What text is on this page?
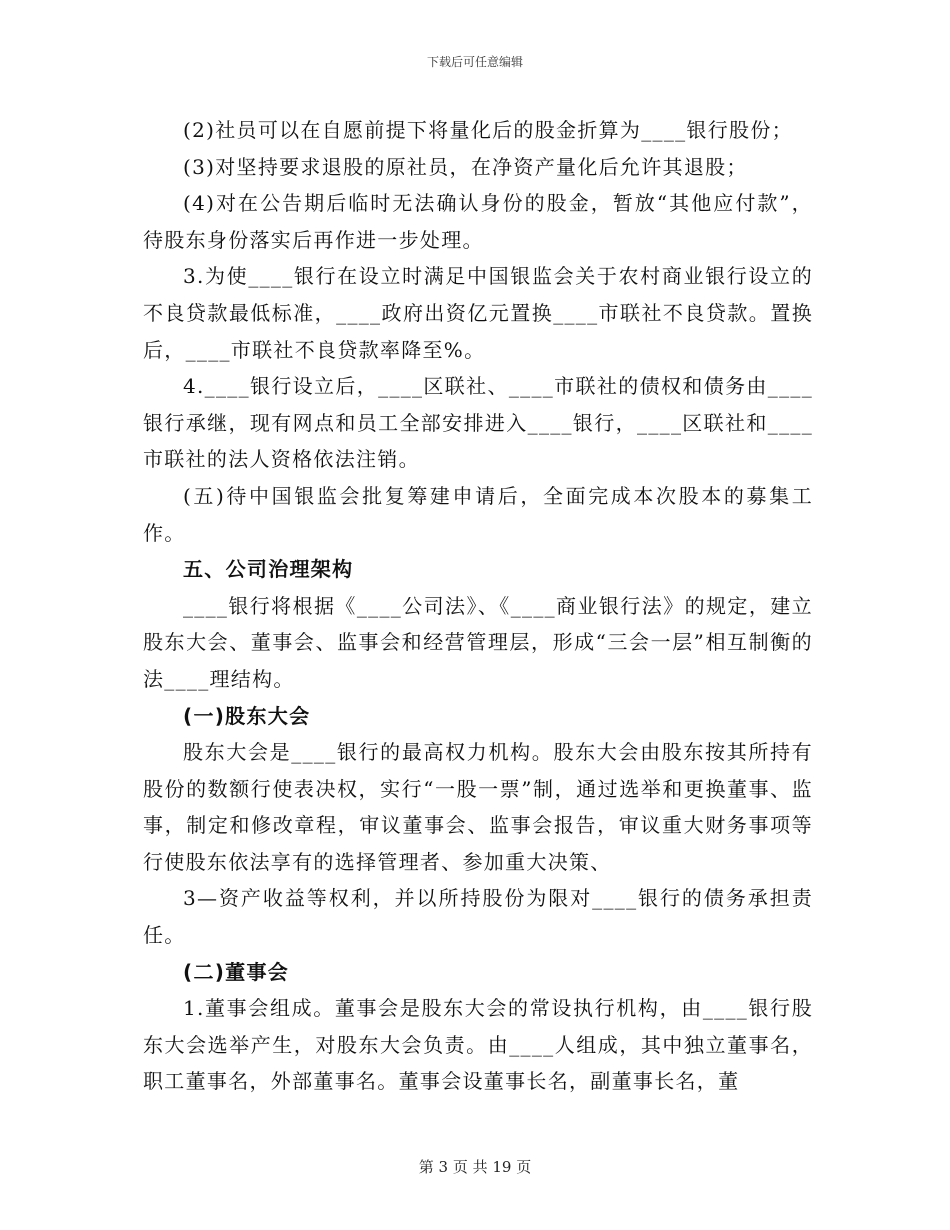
下载后可任意编辑

(2)社员可以在自愿前提下将量化后的股金折算为____银行股份；

(3)对坚持要求退股的原社员，在净资产量化后允许其退股；

(4)对在公告期后临时无法确认身份的股金，暂放“其他应付款”，待股东身份落实后再作进一步处理。

3.为使____银行在设立时满足中国银监会关于农村商业银行设立的不良贷款最低标准，____政府出资亿元置换____市联社不良贷款。置换后，____市联社不良贷款率降至%。

4.____银行设立后，____区联社、____市联社的债权和债务由____银行承继，现有网点和员工全部安排进入____银行，____区联社和____市联社的法人资格依法注销。

(五)待中国银监会批复筹建申请后，全面完成本次股本的募集工作。

五、公司治理架构

____银行将根据《____公司法》、《____商业银行法》的规定，建立股东大会、董事会、监事会和经营管理层，形成“三会一层”相互制衡的法____理结构。

(一)股东大会

股东大会是____银行的最高权力机构。股东大会由股东按其所持有股份的数额行使表决权，实行“一股一票”制，通过选举和更换董事、监事，制定和修改章程，审议董事会、监事会报告，审议重大财务事项等行使股东依法享有的选择管理者、参加重大决策、

3—资产收益等权利，并以所持股份为限对____银行的债务承担责任。

(二)董事会

1.董事会组成。董事会是股东大会的常设执行机构，由____银行股东大会选举产生，对股东大会负责。由____人组成，其中独立董事名，职工董事名，外部董事名。董事会设董事长名，副董事长名，董

第 3 页 共 19 页
